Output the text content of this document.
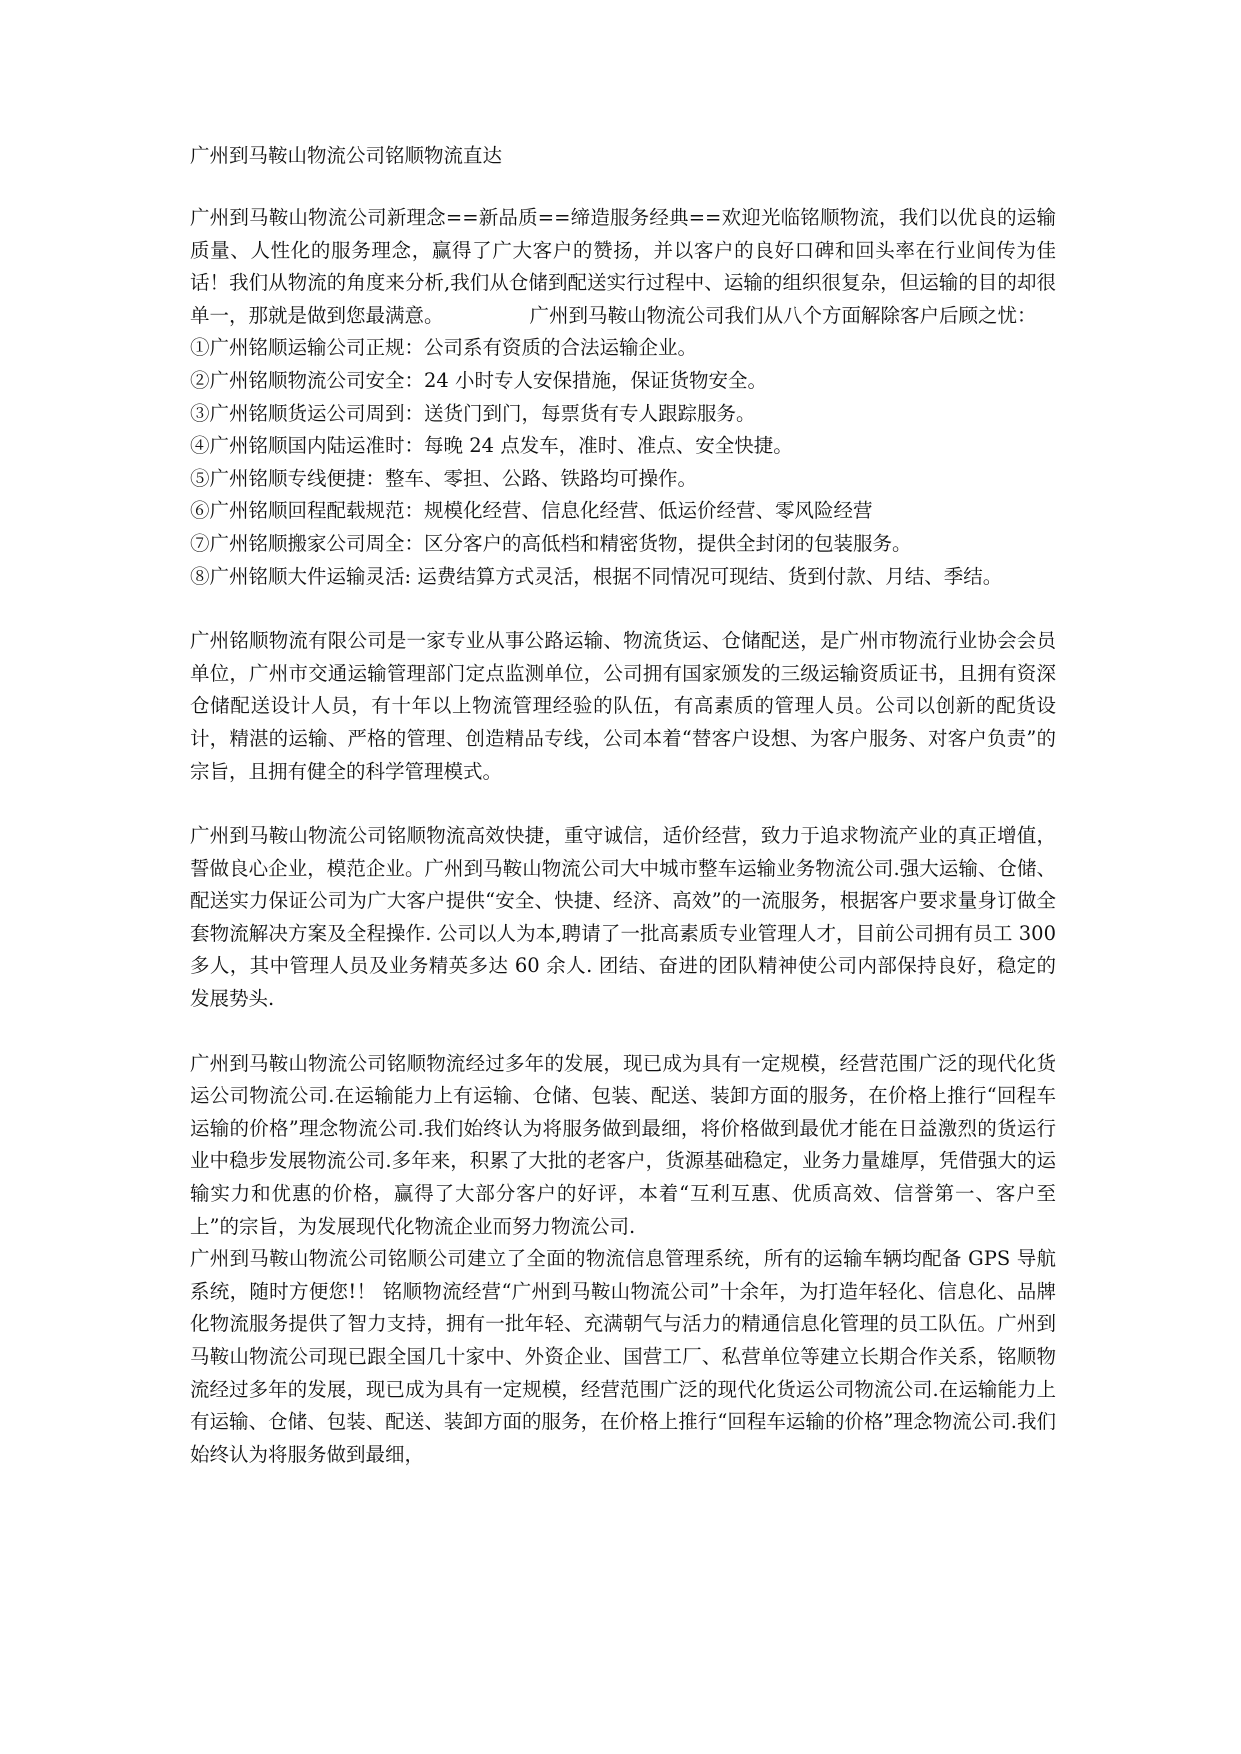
广州到马鞍山物流公司铭顺物流直达

广州到马鞍山物流公司新理念==新品质==缔造服务经典==欢迎光临铭顺物流，我们以优良的运输质量、人性化的服务理念，赢得了广大客户的赞扬，并以客户的良好口碑和回头率在行业间传为佳话！我们从物流的角度来分析,我们从仓储到配送实行过程中、运输的组织很复杂，但运输的目的却很单一，那就是做到您最满意。	广州到马鞍山物流公司我们从八个方面解除客户后顾之忧：

①广州铭顺运输公司正规：公司系有资质的合法运输企业。

②广州铭顺物流公司安全：24 小时专人安保措施，保证货物安全。

③广州铭顺货运公司周到：送货门到门，每票货有专人跟踪服务。

④广州铭顺国内陆运准时：每晚 24 点发车，准时、准点、安全快捷。

⑤广州铭顺专线便捷：整车、零担、公路、铁路均可操作。

⑥广州铭顺回程配载规范：规模化经营、信息化经营、低运价经营、零风险经营

⑦广州铭顺搬家公司周全：区分客户的高低档和精密货物，提供全封闭的包装服务。

⑧广州铭顺大件运输灵活: 运费结算方式灵活，根据不同情况可现结、货到付款、月结、季结。

广州铭顺物流有限公司是一家专业从事公路运输、物流货运、仓储配送，是广州市物流行业协会会员单位，广州市交通运输管理部门定点监测单位，公司拥有国家颁发的三级运输资质证书，且拥有资深仓储配送设计人员，有十年以上物流管理经验的队伍，有高素质的管理人员。公司以创新的配货设计，精湛的运输、严格的管理、创造精品专线，公司本着“替客户设想、为客户服务、对客户负责”的宗旨，且拥有健全的科学管理模式。

广州到马鞍山物流公司铭顺物流高效快捷，重守诚信，适价经营，致力于追求物流产业的真正增值，誓做良心企业，模范企业。广州到马鞍山物流公司大中城市整车运输业务物流公司.强大运输、仓储、配送实力保证公司为广大客户提供“安全、快捷、经济、高效”的一流服务，根据客户要求量身订做全套物流解决方案及全程操作. 公司以人为本,聘请了一批高素质专业管理人才，目前公司拥有员工 300 多人，其中管理人员及业务精英多达 60 余人. 团结、奋进的团队精神使公司内部保持良好，稳定的发展势头.

广州到马鞍山物流公司铭顺物流经过多年的发展，现已成为具有一定规模，经营范围广泛的现代化货运公司物流公司.在运输能力上有运输、仓储、包装、配送、装卸方面的服务，在价格上推行“回程车运输的价格”理念物流公司.我们始终认为将服务做到最细，将价格做到最优才能在日益激烈的货运行业中稳步发展物流公司.多年来，积累了大批的老客户，货源基础稳定，业务力量雄厚，凭借强大的运输实力和优惠的价格，赢得了大部分客户的好评，本着“互利互惠、优质高效、信誉第一、客户至上”的宗旨，为发展现代化物流企业而努力物流公司.

广州到马鞍山物流公司铭顺公司建立了全面的物流信息管理系统，所有的运输车辆均配备 GPS 导航系统，随时方便您!！ 铭顺物流经营“广州到马鞍山物流公司”十余年，为打造年轻化、信息化、品牌化物流服务提供了智力支持，拥有一批年轻、充满朝气与活力的精通信息化管理的员工队伍。广州到马鞍山物流公司现已跟全国几十家中、外资企业、国营工厂、私营单位等建立长期合作关系，铭顺物流经过多年的发展，现已成为具有一定规模，经营范围广泛的现代化货运公司物流公司.在运输能力上有运输、仓储、包装、配送、装卸方面的服务，在价格上推行“回程车运输的价格”理念物流公司.我们始终认为将服务做到最细，
